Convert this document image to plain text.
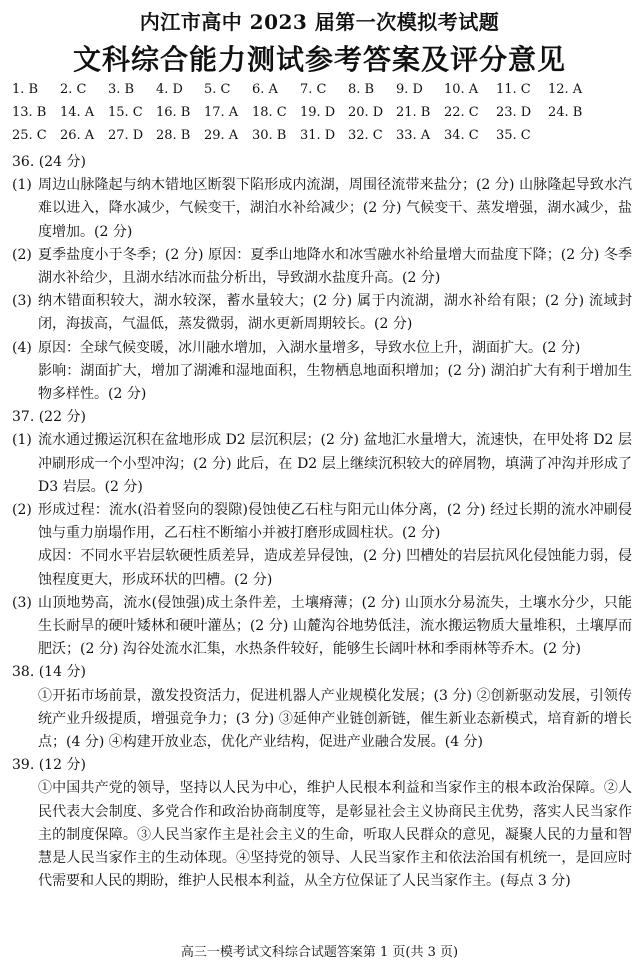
内江市高中 2023 届第一次模拟考试题
文科综合能力测试参考答案及评分意见
1. B	2. C	3. B	4. D	5. C	6. A	7. C	8. B	9. D	10. A	11. C	12. A
13. B	14. A	15. C	16. B	17. A	18. C	19. D 20. D 21. B	22. C	23. D	24. B
25. C	26. A	27. D 28. B	29. A	30. B	31. D 32. C	33. A	34. C	35. C
36. (24 分)
(1) 周边山脉隆起与纳木错地区断裂下陷形成内流湖，周围径流带来盐分；(2 分) 山脉隆起导致水汽难以进入，降水减少，气候变干，湖泊水补给减少；(2 分) 气候变干、蒸发增强，湖水减少，盐度增加。(2 分)

(2) 夏季盐度小于冬季；(2 分) 原因：夏季山地降水和冰雪融水补给量增大而盐度下降；(2 分) 冬季湖水补给少，且湖水结冰而盐分析出，导致湖水盐度升高。(2 分)

(3) 纳木错面积较大，湖水较深，蓄水量较大；(2 分) 属于内流湖，湖水补给有限；(2 分) 流域封闭，海拔高，气温低，蒸发微弱，湖水更新周期较长。(2 分)

(4) 原因：全球气候变暖，冰川融水增加，入湖水量增多，导致水位上升，湖面扩大。(2 分)

影响：湖面扩大，增加了湖滩和湿地面积，生物栖息地面积增加；(2 分) 湖泊扩大有利于增加生物多样性。(2 分)

37. (22 分)
(1) 流水通过搬运沉积在盆地形成 D2 层沉积层；(2 分) 盆地汇水量增大，流速快，在甲处将 D2 层冲刷形成一个小型冲沟；(2 分) 此后，在 D2 层上继续沉积较大的碎屑物，填满了冲沟并形成了 D3 岩层。(2 分)

(2) 形成过程：流水(沿着竖向的裂隙)侵蚀使乙石柱与阳元山体分离，(2 分) 经过长期的流水冲刷侵蚀与重力崩塌作用，乙石柱不断缩小并被打磨形成圆柱状。(2 分)

成因：不同水平岩层软硬性质差异，造成差异侵蚀，(2 分) 凹槽处的岩层抗风化侵蚀能力弱，侵蚀程度更大，形成环状的凹槽。(2 分)

(3) 山顶地势高，流水(侵蚀强)成土条件差，土壤瘠薄；(2 分) 山顶水分易流失，土壤水分少，只能生长耐旱的硬叶矮林和硬叶灌丛；(2 分) 山麓沟谷地势低洼，流水搬运物质大量堆积，土壤厚而肥沃；(2 分) 沟谷处流水汇集，水热条件较好，能够生长阔叶林和季雨林等乔木。(2 分)

38. (14 分)

①开拓市场前景，激发投资活力，促进机器人产业规模化发展；(3 分) ②创新驱动发展，引领传统产业升级提质，增强竞争力；(3 分) ③延伸产业链创新链，催生新业态新模式，培育新的增长点；(4 分) ④构建开放业态，优化产业结构，促进产业融合发展。(4 分)

39. (12 分)

①中国共产党的领导，坚持以人民为中心，维护人民根本利益和当家作主的根本政治保障。②人民代表大会制度、多党合作和政治协商制度等，是彰显社会主义协商民主优势，落实人民当家作主的制度保障。③人民当家作主是社会主义的生命，听取人民群众的意见，凝聚人民的力量和智慧是人民当家作主的生动体现。④坚持党的领导、人民当家作主和依法治国有机统一，是回应时代需要和人民的期盼，维护人民根本利益，从全方位保证了人民当家作主。(每点 3 分)

高三一模考试文科综合试题答案第 1 页(共 3 页)
